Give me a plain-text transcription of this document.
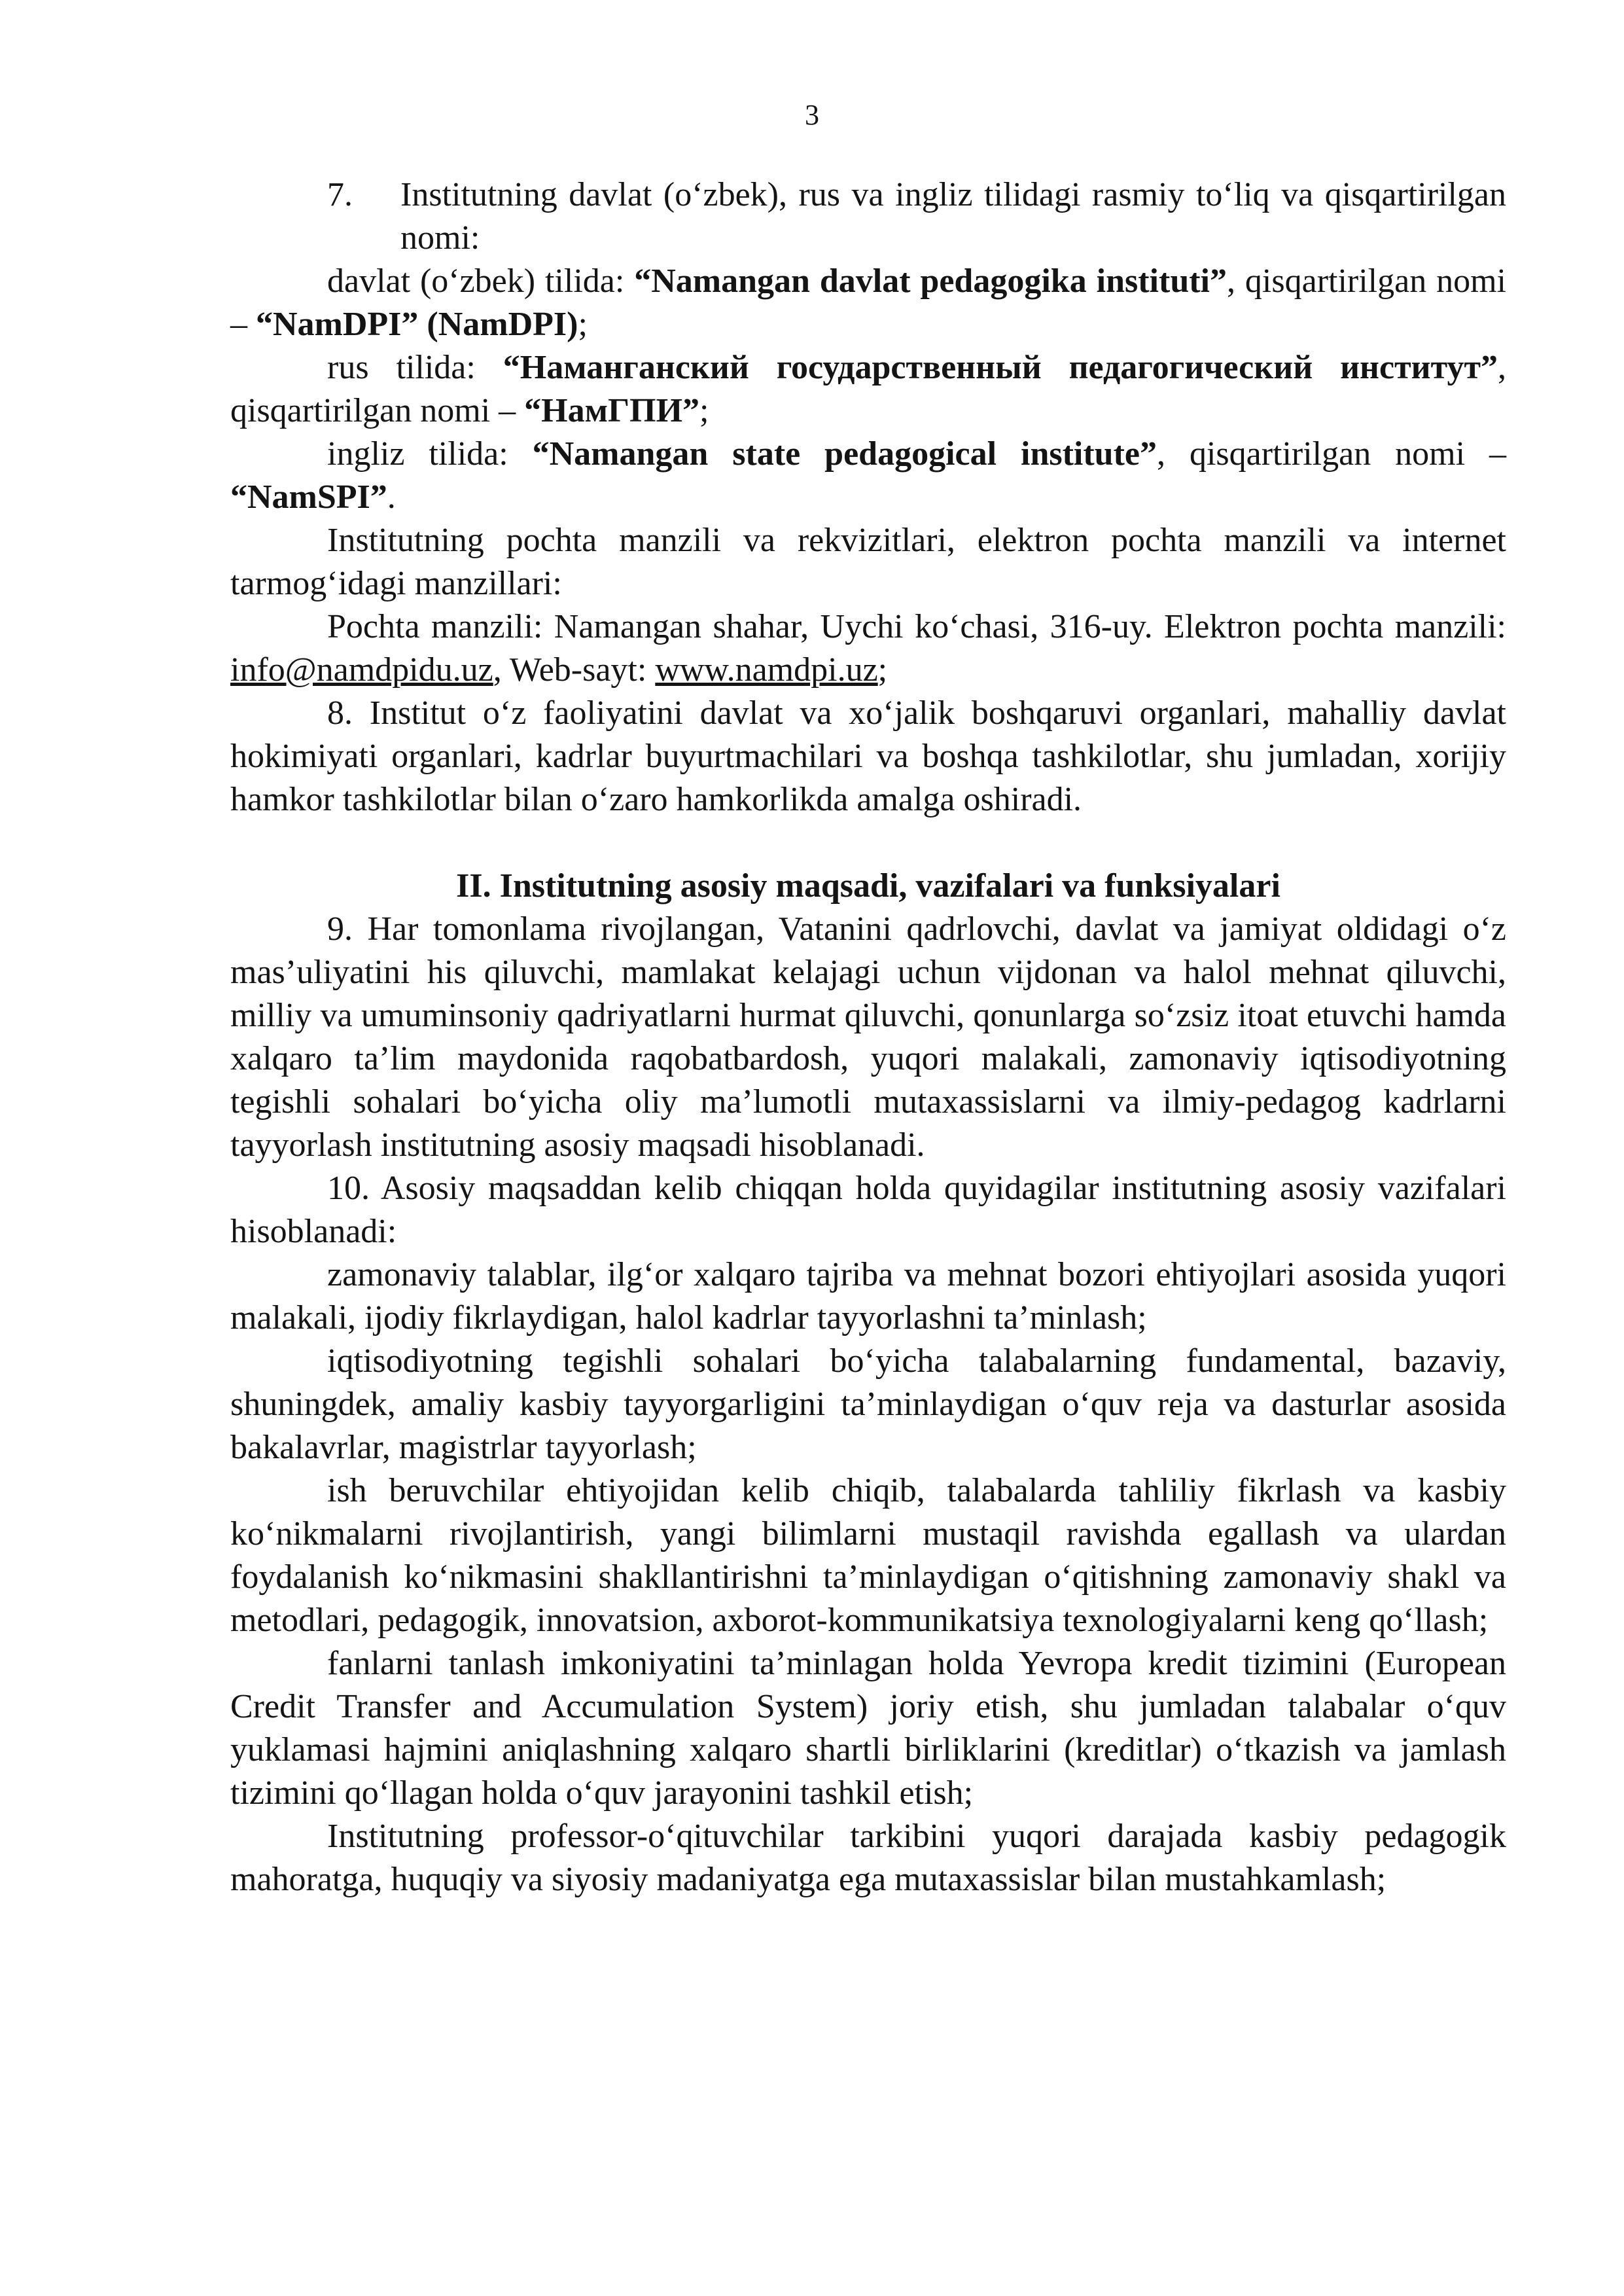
3
7.	Institutning davlat (o‘zbek), rus va ingliz tilidagi rasmiy to‘liq va qisqartirilgan nomi:

davlat (o‘zbek) tilida: “Namangan davlat pedagogika instituti”, qisqartirilgan nomi – “NamDPI” (NamDPI);

rus tilida: “Наманганский государственный педагогический институт”, qisqartirilgan nomi – “НамГПИ”;

ingliz tilida: “Namangan state pedagogical institute”, qisqartirilgan nomi – “NamSPI”.

Institutning pochta manzili va rekvizitlari, elektron pochta manzili va internet tarmog‘idagi manzillari:

Pochta manzili: Namangan shahar, Uychi ko‘chasi, 316-uy. Elektron pochta manzili: info@namdpidu.uz, Web-sayt: www.namdpi.uz;

8. Institut o‘z faoliyatini davlat va xo‘jalik boshqaruvi organlari, mahalliy davlat hokimiyati organlari, kadrlar buyurtmachilari va boshqa tashkilotlar, shu jumladan, xorijiy hamkor tashkilotlar bilan o‘zaro hamkorlikda amalga oshiradi.

II. Institutning asosiy maqsadi, vazifalari va funksiyalari

9. Har tomonlama rivojlangan, Vatanini qadrlovchi, davlat va jamiyat oldidagi o‘z mas’uliyatini his qiluvchi, mamlakat kelajagi uchun vijdonan va halol mehnat qiluvchi, milliy va umuminsoniy qadriyatlarni hurmat qiluvchi, qonunlarga so‘zsiz itoat etuvchi hamda xalqaro ta’lim maydonida raqobatbardosh, yuqori malakali, zamonaviy iqtisodiyotning tegishli sohalari bo‘yicha oliy ma’lumotli mutaxassislarni va ilmiy-pedagog kadrlarni tayyorlash institutning asosiy maqsadi hisoblanadi.

10. Asosiy maqsaddan kelib chiqqan holda quyidagilar institutning asosiy vazifalari hisoblanadi:

zamonaviy talablar, ilg‘or xalqaro tajriba va mehnat bozori ehtiyojlari asosida yuqori malakali, ijodiy fikrlaydigan, halol kadrlar tayyorlashni ta’minlash;

iqtisodiyotning tegishli sohalari bo‘yicha talabalarning fundamental, bazaviy, shuningdek, amaliy kasbiy tayyorgarligini ta’minlaydigan o‘quv reja va dasturlar asosida bakalavrlar, magistrlar tayyorlash;

ish beruvchilar ehtiyojidan kelib chiqib, talabalarda tahliliy fikrlash va kasbiy ko‘nikmalarni rivojlantirish, yangi bilimlarni mustaqil ravishda egallash va ulardan foydalanish ko‘nikmasini shakllantirishni ta’minlaydigan o‘qitishning zamonaviy shakl va metodlari, pedagogik, innovatsion, axborot-kommunikatsiya texnologiyalarni keng qo‘llash;

fanlarni tanlash imkoniyatini ta’minlagan holda Yevropa kredit tizimini (European Credit Transfer and Accumulation System) joriy etish, shu jumladan talabalar o‘quv yuklamasi hajmini aniqlashning xalqaro shartli birliklarini (kreditlar) o‘tkazish va jamlash tizimini qo‘llagan holda o‘quv jarayonini tashkil etish;

Institutning professor-o‘qituvchilar tarkibini yuqori darajada kasbiy pedagogik mahoratga, huquqiy va siyosiy madaniyatga ega mutaxassislar bilan mustahkamlash;
